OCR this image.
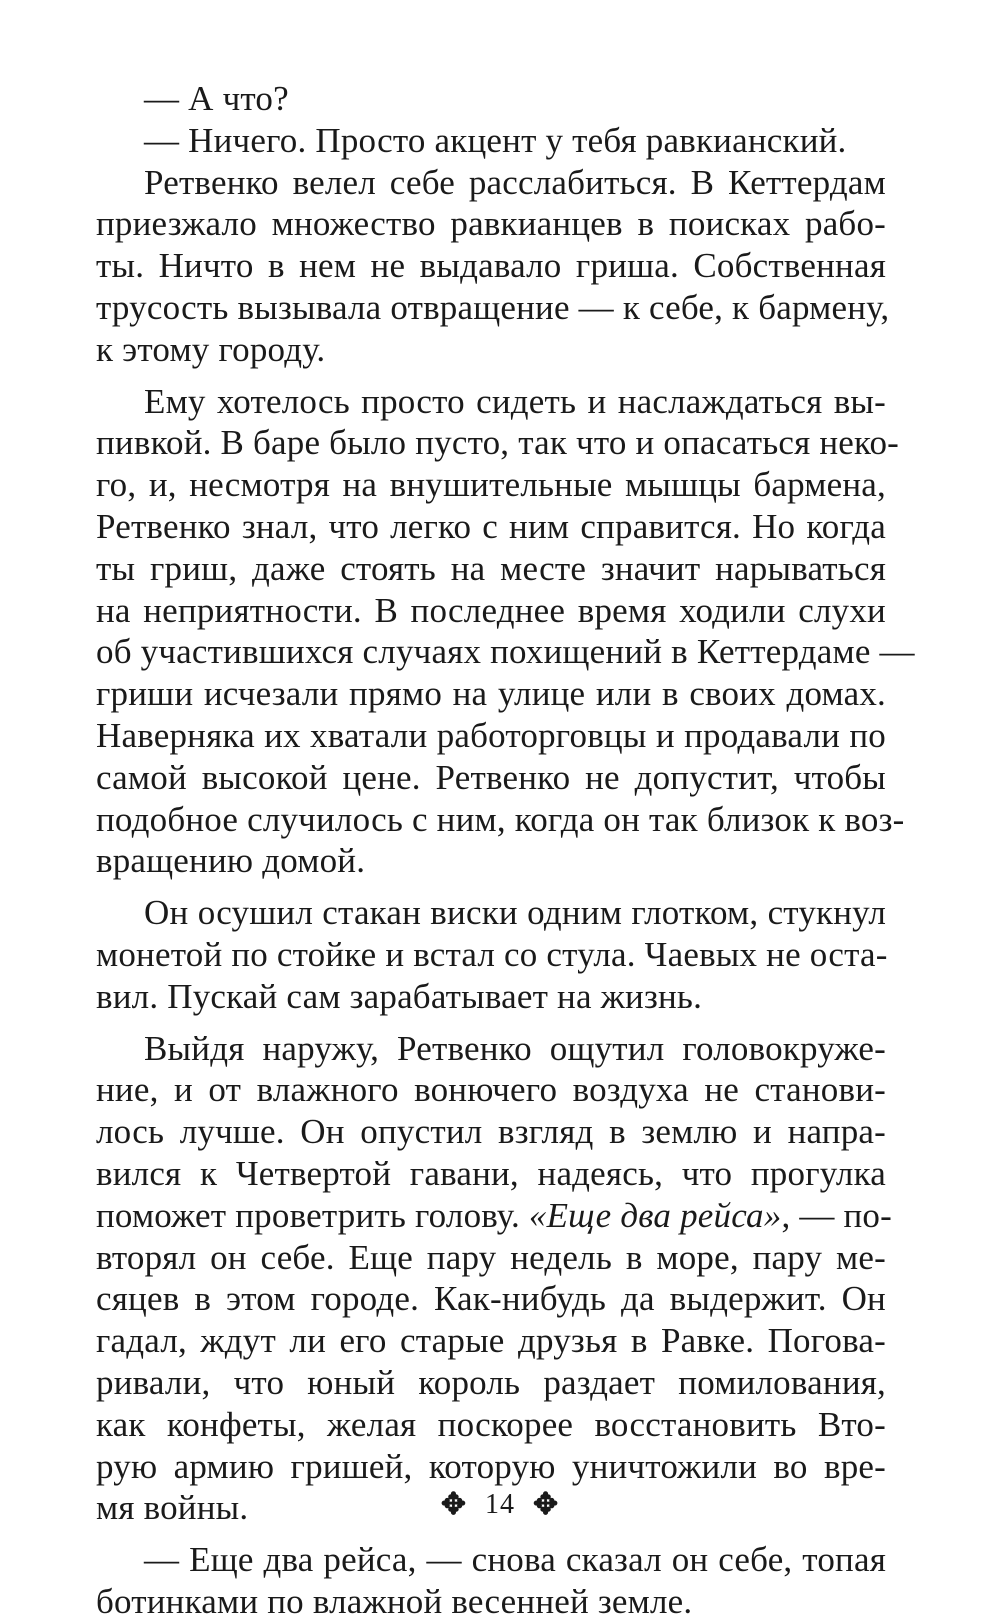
— А что?
— Ничего. Просто акцент у тебя равкианский.
Ретвенко велел себе расслабиться. В Кеттердам
приезжало множество равкианцев в поисках рабо-
ты. Ничто в нем не выдавало гриша. Собственная
трусость вызывала отвращение — к себе, к бармену,
к этому городу.
Ему хотелось просто сидеть и наслаждаться вы-
пивкой. В баре было пусто, так что и опасаться неко-
го, и, несмотря на внушительные мышцы бармена,
Ретвенко знал, что легко с ним справится. Но когда
ты гриш, даже стоять на месте значит нарываться
на неприятности. В последнее время ходили слухи
об участившихся случаях похищений в Кеттердаме —
гриши исчезали прямо на улице или в своих домах.
Наверняка их хватали работорговцы и продавали по
самой высокой цене. Ретвенко не допустит, чтобы
подобное случилось с ним, когда он так близок к воз-
вращению домой.
Он осушил стакан виски одним глотком, стукнул
монетой по стойке и встал со стула. Чаевых не оста-
вил. Пускай сам зарабатывает на жизнь.
Выйдя наружу, Ретвенко ощутил головокруже-
ние, и от влажного вонючего воздуха не станови-
лось лучше. Он опустил взгляд в землю и напра-
вился к Четвертой гавани, надеясь, что прогулка
поможет проветрить голову. «Еще два рейса», — по-
вторял он себе. Еще пару недель в море, пару ме-
сяцев в этом городе. Как-нибудь да выдержит. Он
гадал, ждут ли его старые друзья в Равке. Погова-
ривали, что юный король раздает помилования,
как конфеты, желая поскорее восстановить Вто-
рую армию гришей, которую уничтожили во вре-
мя войны.
— Еще два рейса, — снова сказал он себе, топая
ботинками по влажной весенней земле.
✥ 14 ✥
